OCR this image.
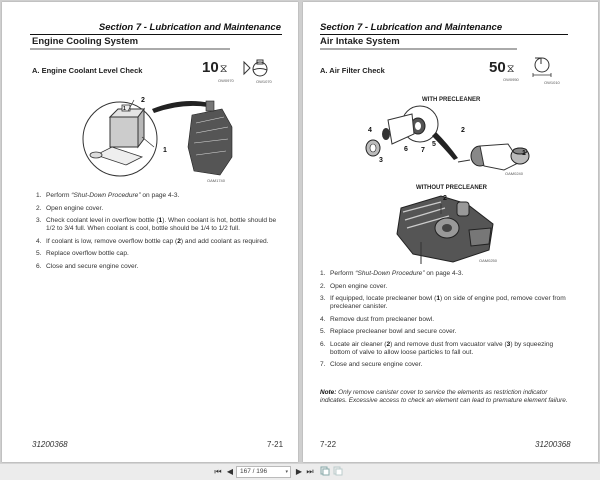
Section 7 - Lubrication and Maintenance
Engine Cooling System
A. Engine Coolant Level Check	10 ⧖
OW0970	OW1070
2
1
1
OAM1740
1. Perform “Shut-Down Procedure” on page 4-3.
2. Open engine cover.
3. Check coolant level in overflow bottle (1). When coolant is hot, bottle should be 1/2 to 3/4 full. When coolant is cool, bottle should be 1/4 to 1/2 full.
4. If coolant is low, remove overflow bottle cap (2) and add coolant as required.
5. Replace overflow bottle cap.
6. Close and secure engine cover.
31200368	7-21
Section 7 - Lubrication and Maintenance
Air Intake System
A. Air Filter Check	50 ⧖
OW0950
OW1010
WITH PRECLEANER
4
3
6 7
5
2
1
OAM0240
WITHOUT PRECLEANER
2
OAM0250
1. Perform “Shut-Down Procedure” on page 4-3.
2. Open engine cover.
3. If equipped, locate precleaner bowl (1) on side of engine pod, remove cover from precleaner canister.
4. Remove dust from precleaner bowl.
5. Replace precleaner bowl and secure cover.
6. Locate air cleaner (2) and remove dust from vacuator valve (3) by squeezing bottom of valve to allow loose particles to fall out.
7. Close and secure engine cover.
Note: Only remove canister cover to service the elements as restriction indicator indicates. Excessive access to check an element can lead to premature element failure.
7-22	31200368
⏮ ◀	167 / 196	▾ ▶ ⏭
